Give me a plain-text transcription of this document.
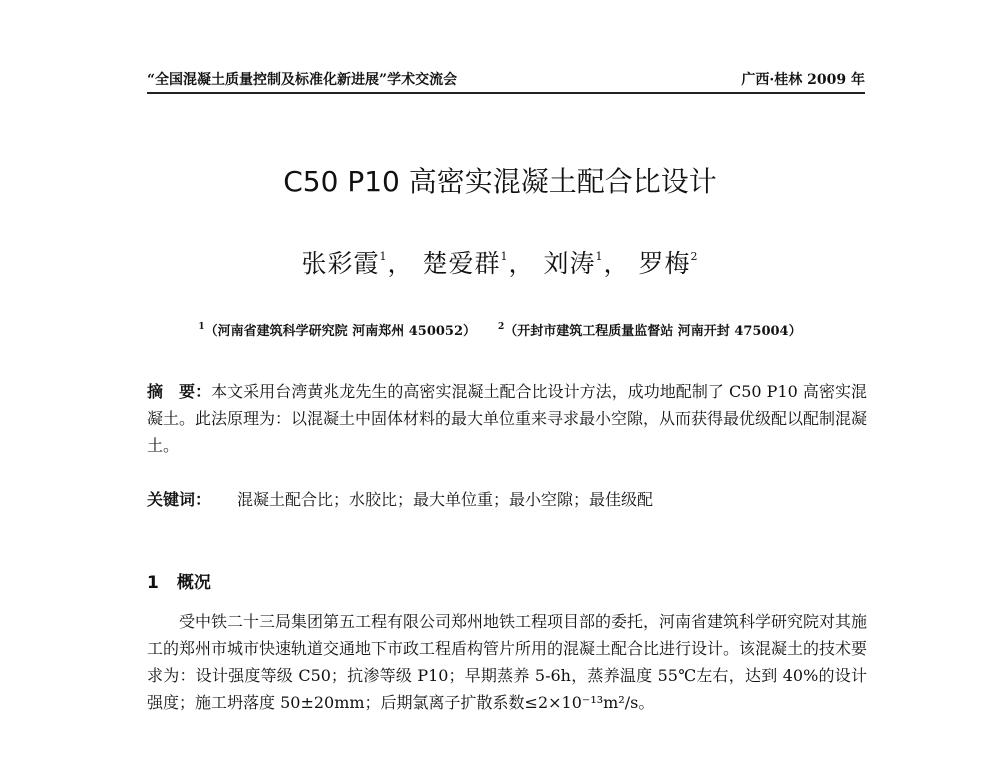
“全国混凝土质量控制及标准化新进展”学术交流会	广西·桂林 2009 年
C50 P10 高密实混凝土配合比设计
张彩霞$^1$， 楚爱群$^1$， 刘涛$^1$， 罗梅$^2$
$^1$（河南省建筑科学研究院 河南郑州 450052） $^2$（开封市建筑工程质量监督站 河南开封 475004）
摘　要：本文采用台湾黄兆龙先生的高密实混凝土配合比设计方法，成功地配制了 C50 P10 高密实混凝土。此法原理为：以混凝土中固体材料的最大单位重来寻求最小空隙，从而获得最优级配以配制混凝土。
关键词： 混凝土配合比；水胶比；最大单位重；最小空隙；最佳级配
1 概况
受中铁二十三局集团第五工程有限公司郑州地铁工程项目部的委托，河南省建筑科学研究院对其施工的郑州市城市快速轨道交通地下市政工程盾构管片所用的混凝土配合比进行设计。该混凝土的技术要求为：设计强度等级 C50；抗渗等级 P10；早期蒸养 5-6h，蒸养温度 55℃左右，达到 40%的设计强度；施工坍落度 50±20mm；后期氯离子扩散系数≤2×10⁻¹³m²/s。
